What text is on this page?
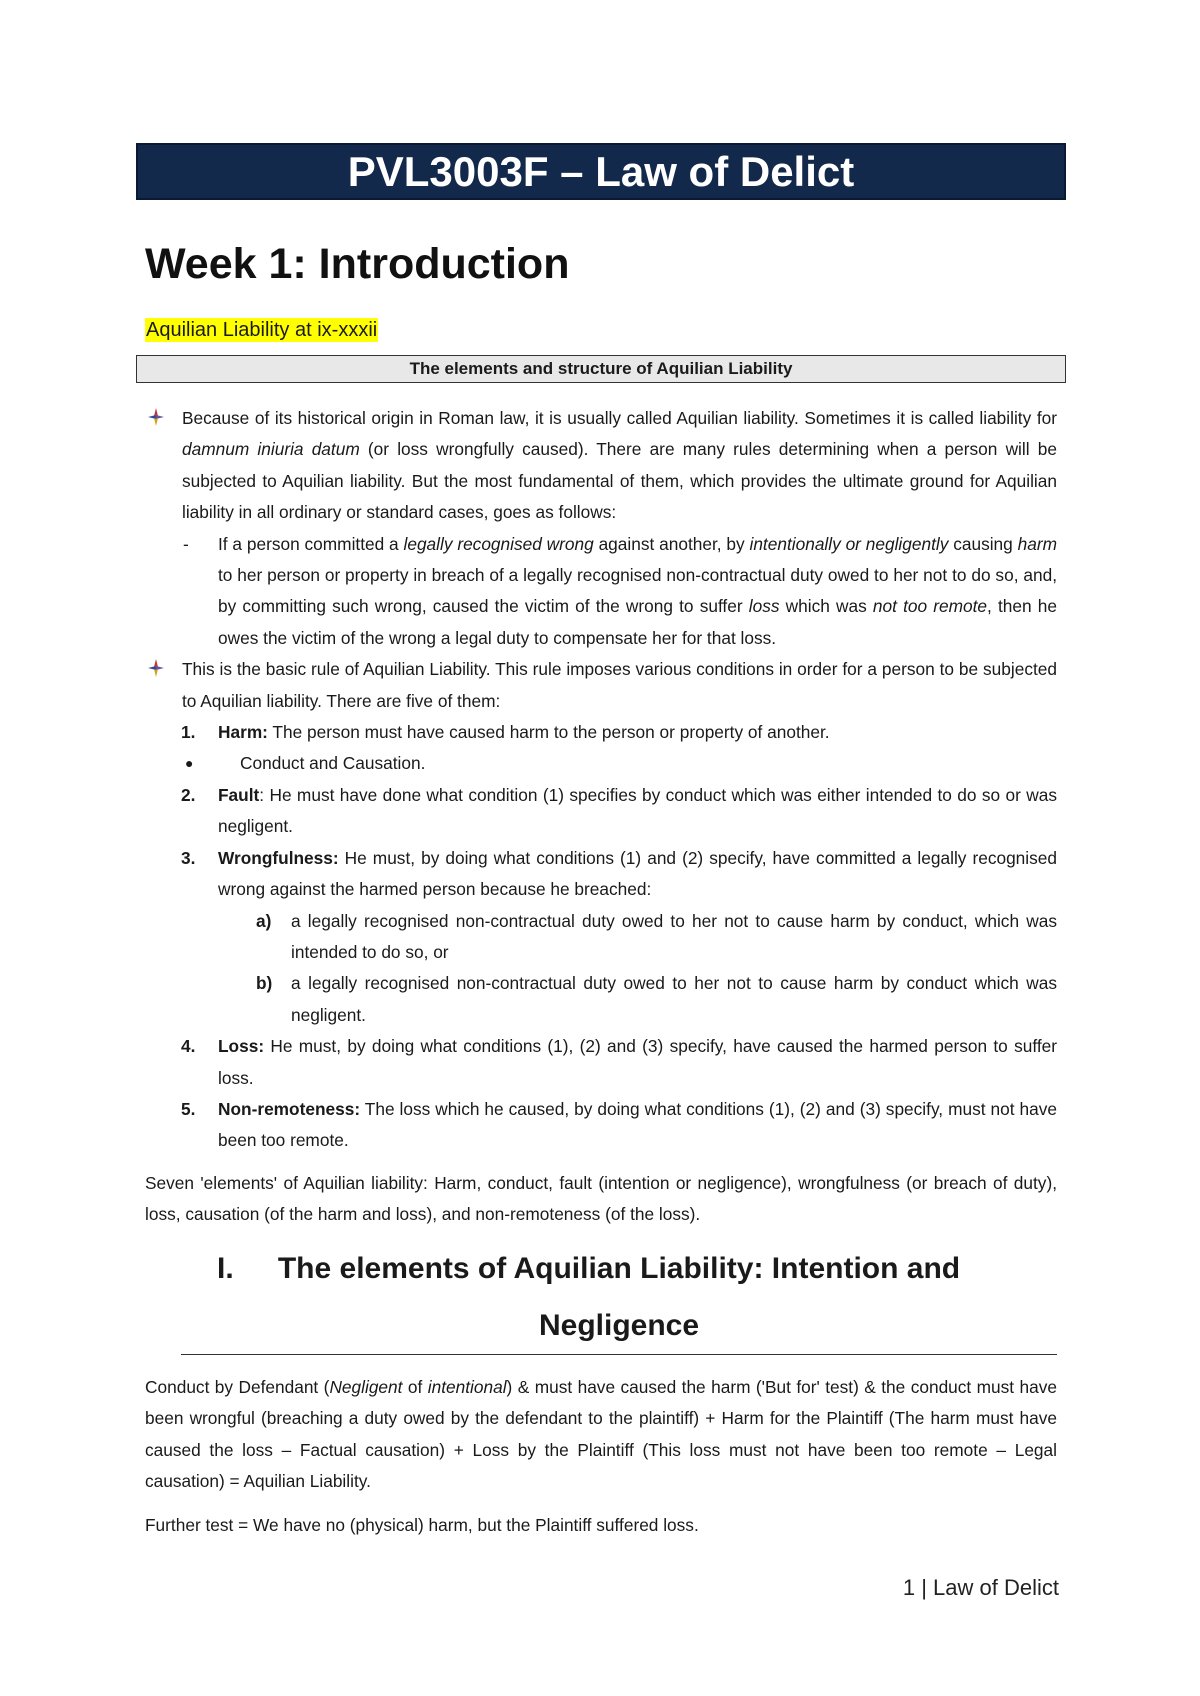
PVL3003F – Law of Delict
Week 1: Introduction
Aquilian Liability at ix-xxxii
The elements and structure of Aquilian Liability
Because of its historical origin in Roman law, it is usually called Aquilian liability. Sometimes it is called liability for damnum iniuria datum (or loss wrongfully caused). There are many rules determining when a person will be subjected to Aquilian liability. But the most fundamental of them, which provides the ultimate ground for Aquilian liability in all ordinary or standard cases, goes as follows:
- If a person committed a legally recognised wrong against another, by intentionally or negligently causing harm to her person or property in breach of a legally recognised non-contractual duty owed to her not to do so, and, by committing such wrong, caused the victim of the wrong to suffer loss which was not too remote, then he owes the victim of the wrong a legal duty to compensate her for that loss.
This is the basic rule of Aquilian Liability. This rule imposes various conditions in order for a person to be subjected to Aquilian liability. There are five of them:
1. Harm: The person must have caused harm to the person or property of another.
●	Conduct and Causation.
2. Fault: He must have done what condition (1) specifies by conduct which was either intended to do so or was negligent.
3. Wrongfulness: He must, by doing what conditions (1) and (2) specify, have committed a legally recognised wrong against the harmed person because he breached:
a) a legally recognised non-contractual duty owed to her not to cause harm by conduct, which was intended to do so, or
b) a legally recognised non-contractual duty owed to her not to cause harm by conduct which was negligent.
4. Loss: He must, by doing what conditions (1), (2) and (3) specify, have caused the harmed person to suffer loss.
5. Non-remoteness: The loss which he caused, by doing what conditions (1), (2) and (3) specify, must not have been too remote.
Seven 'elements' of Aquilian liability: Harm, conduct, fault (intention or negligence), wrongfulness (or breach of duty), loss, causation (of the harm and loss), and non-remoteness (of the loss).
I.	The elements of Aquilian Liability: Intention and
Negligence
Conduct by Defendant (Negligent of intentional) & must have caused the harm ('But for' test) & the conduct must have been wrongful (breaching a duty owed by the defendant to the plaintiff) + Harm for the Plaintiff (The harm must have caused the loss – Factual causation) + Loss by the Plaintiff (This loss must not have been too remote – Legal causation) = Aquilian Liability.
Further test = We have no (physical) harm, but the Plaintiff suffered loss.
1 | Law of Delict
